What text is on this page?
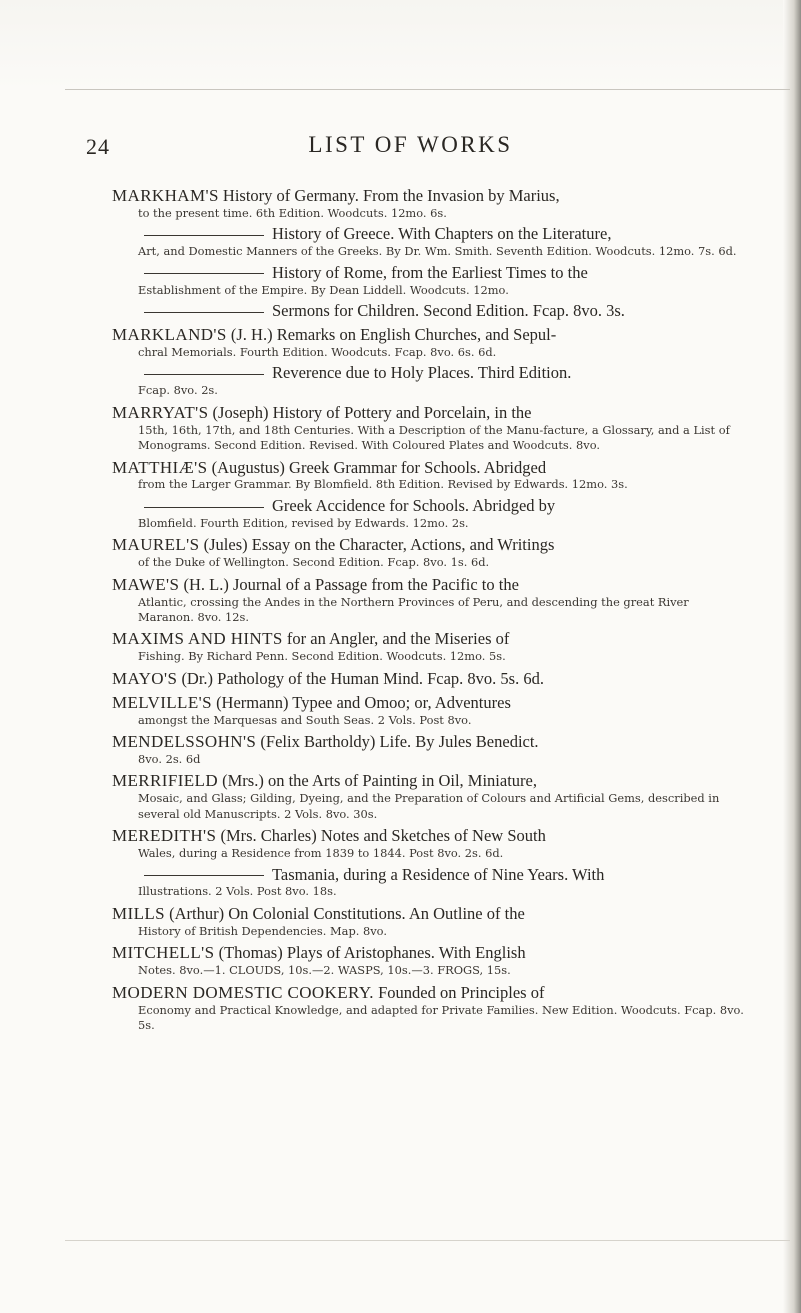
24	LIST OF WORKS
MARKHAM'S History of Germany. From the Invasion by Marius,
to the present time. 6th Edition. Woodcuts. 12mo. 6s.
History of Greece. With Chapters on the Literature,
Art, and Domestic Manners of the Greeks. By Dr. Wm. Smith. Seventh Edition. Woodcuts. 12mo. 7s. 6d.
History of Rome, from the Earliest Times to the
Establishment of the Empire. By Dean Liddell. Woodcuts. 12mo.
Sermons for Children. Second Edition. Fcap. 8vo. 3s.
MARKLAND'S (J. H.) Remarks on English Churches, and Sepul-
chral Memorials. Fourth Edition. Woodcuts. Fcap. 8vo. 6s. 6d.
Reverence due to Holy Places. Third Edition.
Fcap. 8vo. 2s.
MARRYAT'S (Joseph) History of Pottery and Porcelain, in the
15th, 16th, 17th, and 18th Centuries. With a Description of the Manu-facture, a Glossary, and a List of Monograms. Second Edition. Revised. With Coloured Plates and Woodcuts. 8vo.
MATTHIÆ'S (Augustus) Greek Grammar for Schools. Abridged
from the Larger Grammar. By Blomfield. 8th Edition. Revised by Edwards. 12mo. 3s.
Greek Accidence for Schools. Abridged by
Blomfield. Fourth Edition, revised by Edwards. 12mo. 2s.
MAUREL'S (Jules) Essay on the Character, Actions, and Writings
of the Duke of Wellington. Second Edition. Fcap. 8vo. 1s. 6d.
MAWE'S (H. L.) Journal of a Passage from the Pacific to the
Atlantic, crossing the Andes in the Northern Provinces of Peru, and descending the great River Maranon. 8vo. 12s.
MAXIMS AND HINTS for an Angler, and the Miseries of
Fishing. By Richard Penn. Second Edition. Woodcuts. 12mo. 5s.
MAYO'S (Dr.) Pathology of the Human Mind. Fcap. 8vo. 5s. 6d.
MELVILLE'S (Hermann) Typee and Omoo; or, Adventures
amongst the Marquesas and South Seas. 2 Vols. Post 8vo.
MENDELSSOHN'S (Felix Bartholdy) Life. By Jules Benedict.
8vo. 2s. 6d
MERRIFIELD (Mrs.) on the Arts of Painting in Oil, Miniature,
Mosaic, and Glass; Gilding, Dyeing, and the Preparation of Colours and Artificial Gems, described in several old Manuscripts. 2 Vols. 8vo. 30s.
MEREDITH'S (Mrs. Charles) Notes and Sketches of New South
Wales, during a Residence from 1839 to 1844. Post 8vo. 2s. 6d.
Tasmania, during a Residence of Nine Years. With
Illustrations. 2 Vols. Post 8vo. 18s.
MILLS (Arthur) On Colonial Constitutions. An Outline of the
History of British Dependencies. Map. 8vo.
MITCHELL'S (Thomas) Plays of Aristophanes. With English
Notes. 8vo.—1. CLOUDS, 10s.—2. WASPS, 10s.—3. FROGS, 15s.
MODERN DOMESTIC COOKERY. Founded on Principles of
Economy and Practical Knowledge, and adapted for Private Families. New Edition. Woodcuts. Fcap. 8vo. 5s.
